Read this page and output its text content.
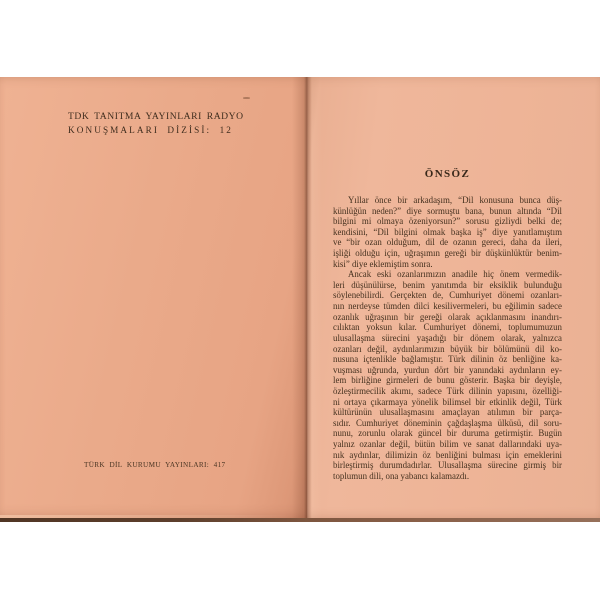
TDK TANITMA YAYINLARI RADYO
KONUŞMALARI DİZİSİ: 12
TÜRK DİL KURUMU YAYINLARI: 417
ÖNSÖZ
Yıllar önce bir arkadaşım, “Dil konusuna bunca düş-
künlüğün neden?” diye sormuştu bana, bunun altında “Dil
bilgini mi olmaya özeniyorsun?” sorusu gizliydi belki de;
kendisini, “Dil bilgini olmak başka iş” diye yanıtlamıştım
ve “bir ozan olduğum, dil de ozanın gereci, daha da ileri,
işliği olduğu için, uğraşımın gereği bir düşkünlüktür benim-
kisi” diye eklemiştim sonra.
Ancak eski ozanlarımızın anadile hiç önem vermedik-
leri düşünülürse, benim yanıtımda bir eksiklik bulunduğu
söylenebilirdi. Gerçekten de, Cumhuriyet dönemi ozanları-
nın nerdeyse tümden dilci kesilivermeleri, bu eğilimin sadece
ozanlık uğraşının bir gereği olarak açıklanmasını inandırı-
cılıktan yoksun kılar. Cumhuriyet dönemi, toplumumuzun
ulusallaşma sürecini yaşadığı bir dönem olarak, yalnızca
ozanları değil, aydınlarımızın büyük bir bölümünü dil ko-
nusuna içtenlikle bağlamıştır. Türk dilinin öz benliğine ka-
vuşması uğrunda, yurdun dört bir yanındaki aydınların ey-
lem birliğine girmeleri de bunu gösterir. Başka bir deyişle,
özleştirmecilik akımı, sadece Türk dilinin yapısını, özelliği-
ni ortaya çıkarmaya yönelik bilimsel bir etkinlik değil, Türk
kültürünün ulusallaşmasını amaçlayan atılımın bir parça-
sıdır. Cumhuriyet döneminin çağdaşlaşma ülküsü, dil soru-
nunu, zorunlu olarak güncel bir duruma getirmiştir. Bugün
yalnız ozanlar değil, bütün bilim ve sanat dallarındaki uya-
nık aydınlar, dilimizin öz benliğini bulması için emeklerini
birleştirmiş durumdadırlar. Ulusallaşma sürecine girmiş bir
toplumun dili, ona yabancı kalamazdı.
